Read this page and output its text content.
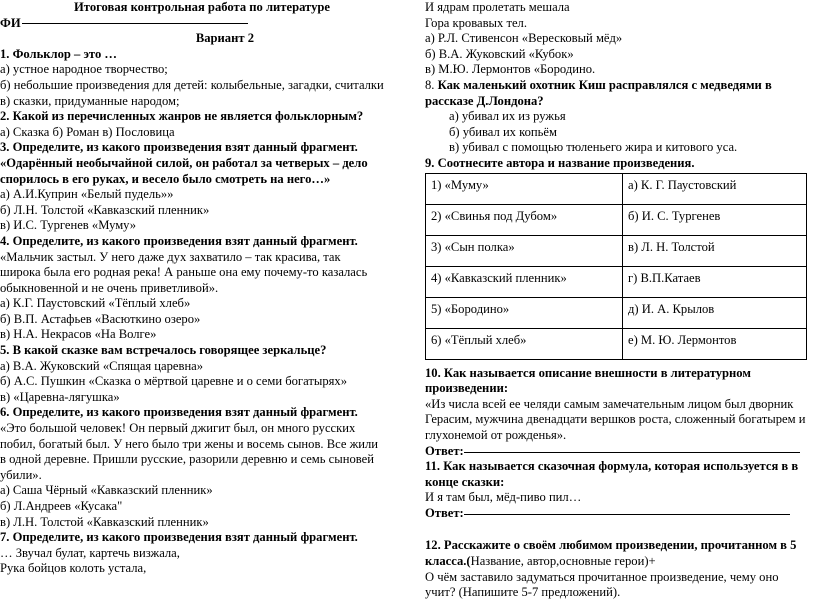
Итоговая контрольная работа по литературе
ФИ
Вариант 2
1. Фольклор – это …
а) устное народное творчество;
б) небольшие произведения для детей: колыбельные, загадки, считалки
в) сказки, придуманные народом;
2. Какой из перечисленных жанров не является фольклорным?
а) Сказка б) Роман в) Пословица
3. Определите, из какого произведения взят данный фрагмент.
«Одарённый необычайной силой, он работал за четверых – дело
спорилось в его руках, и весело было смотреть на него…»
а) А.И.Куприн «Белый пудель»»
б) Л.Н. Толстой «Кавказский пленник»
в) И.С. Тургенев «Муму»
4. Определите, из какого произведения взят данный фрагмент.
«Мальчик застыл. У него даже дух захватило – так красива, так
широка была его родная река! А раньше она ему почему-то казалась
обыкновенной и не очень приветливой».
а) К.Г. Паустовский «Тёплый хлеб»
б) В.П. Астафьев «Васюткино озеро»
в) Н.А. Некрасов «На Волге»
5. В какой сказке вам встречалось говорящее зеркальце?
а) В.А. Жуковский «Спящая царевна»
б) А.С. Пушкин «Сказка о мёртвой царевне и о семи богатырях»
в) «Царевна-лягушка»
6. Определите, из какого произведения взят данный фрагмент.
«Это большой человек! Он первый джигит был, он много русских
побил, богатый был. У него было три жены и восемь сынов. Все жили
в одной деревне. Пришли русские, разорили деревню и семь сыновей
убили».
а) Саша Чёрный «Кавказский пленник»
б) Л.Андреев «Кусака"
в) Л.Н. Толстой «Кавказский пленник»
7. Определите, из какого произведения взят данный фрагмент.
… Звучал булат, картечь визжала,
Рука бойцов колоть устала,
И ядрам пролетать мешала
Гора кровавых тел.
а) Р.Л. Стивенсон «Вересковый мёд»
б) В.А. Жуковский «Кубок»
в) М.Ю. Лермонтов «Бородино.
8. Как маленький охотник Киш расправлялся с медведями в
рассказе Д.Лондона?
а) убивал их из ружья
б) убивал их копьём
в) убивал с помощью тюленьего жира и китового уса.
9. Соотнесите автора и название произведения.
1) «Муму»	а) К. Г. Паустовский
2) «Свинья под Дубом»	б) И. С. Тургенев
3) «Сын полка»	в) Л. Н. Толстой
4) «Кавказский пленник»	г) В.П.Катаев
5) «Бородино»	д) И. А. Крылов
6) «Тёплый хлеб»	е) М. Ю. Лермонтов
10. Как называется описание внешности в литературном
произведении:
«Из числа всей ее челяди самым замечательным лицом был дворник
Герасим, мужчина двенадцати вершков роста, сложенный богатырем и
глухонемой от рожденья».
Ответ:
11. Как называется сказочная формула, которая используется в в
конце сказки:
И я там был, мёд-пиво пил…
Ответ:
12. Расскажите о своём любимом произведении, прочитанном в 5
класса.(Название, автор,основные герои)+
О чём заставило задуматься прочитанное произведение, чему оно
учит? (Напишите 5-7 предложений).
